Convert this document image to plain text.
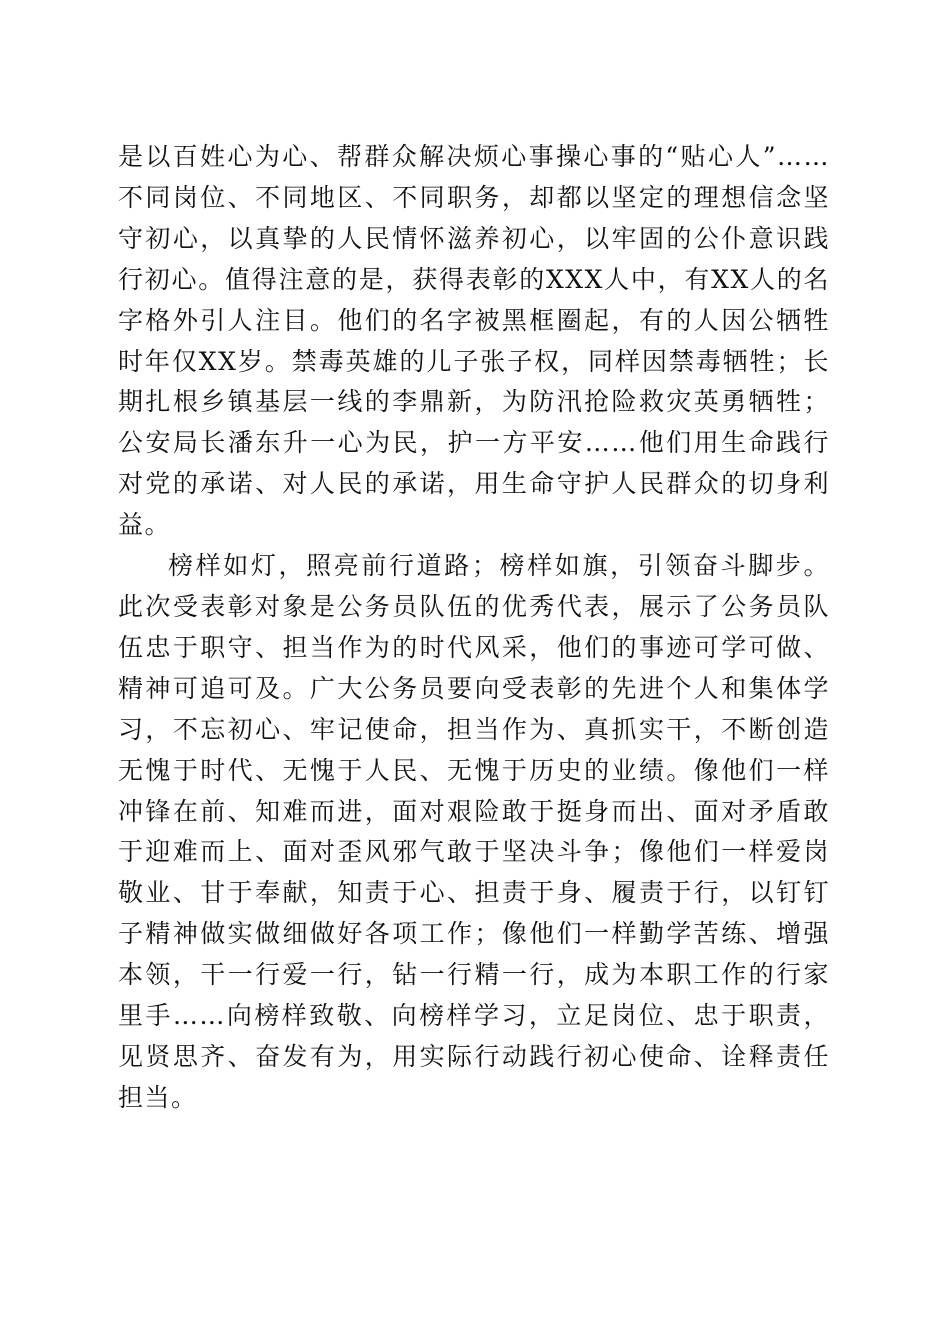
是以百姓心为心、帮群众解决烦心事操心事的“贴心人”……不同岗位、不同地区、不同职务，却都以坚定的理想信念坚守初心，以真挚的人民情怀滋养初心，以牢固的公仆意识践行初心。值得注意的是，获得表彰的XXX人中，有XX人的名字格外引人注目。他们的名字被黑框圈起，有的人因公牺牲时年仅XX岁。禁毒英雄的儿子张子权，同样因禁毒牺牲；长期扎根乡镇基层一线的李鼎新，为防汛抢险救灾英勇牺牲；公安局长潘东升一心为民，护一方平安……他们用生命践行对党的承诺、对人民的承诺，用生命守护人民群众的切身利益。

榜样如灯，照亮前行道路；榜样如旗，引领奋斗脚步。此次受表彰对象是公务员队伍的优秀代表，展示了公务员队伍忠于职守、担当作为的时代风采，他们的事迹可学可做、精神可追可及。广大公务员要向受表彰的先进个人和集体学习，不忘初心、牢记使命，担当作为、真抓实干，不断创造无愧于时代、无愧于人民、无愧于历史的业绩。像他们一样冲锋在前、知难而进，面对艰险敢于挺身而出、面对矛盾敢于迎难而上、面对歪风邪气敢于坚决斗争；像他们一样爱岗敬业、甘于奉献，知责于心、担责于身、履责于行，以钉钉子精神做实做细做好各项工作；像他们一样勤学苦练、增强本领，干一行爱一行，钻一行精一行，成为本职工作的行家里手……向榜样致敬、向榜样学习，立足岗位、忠于职责，见贤思齐、奋发有为，用实际行动践行初心使命、诠释责任担当。
